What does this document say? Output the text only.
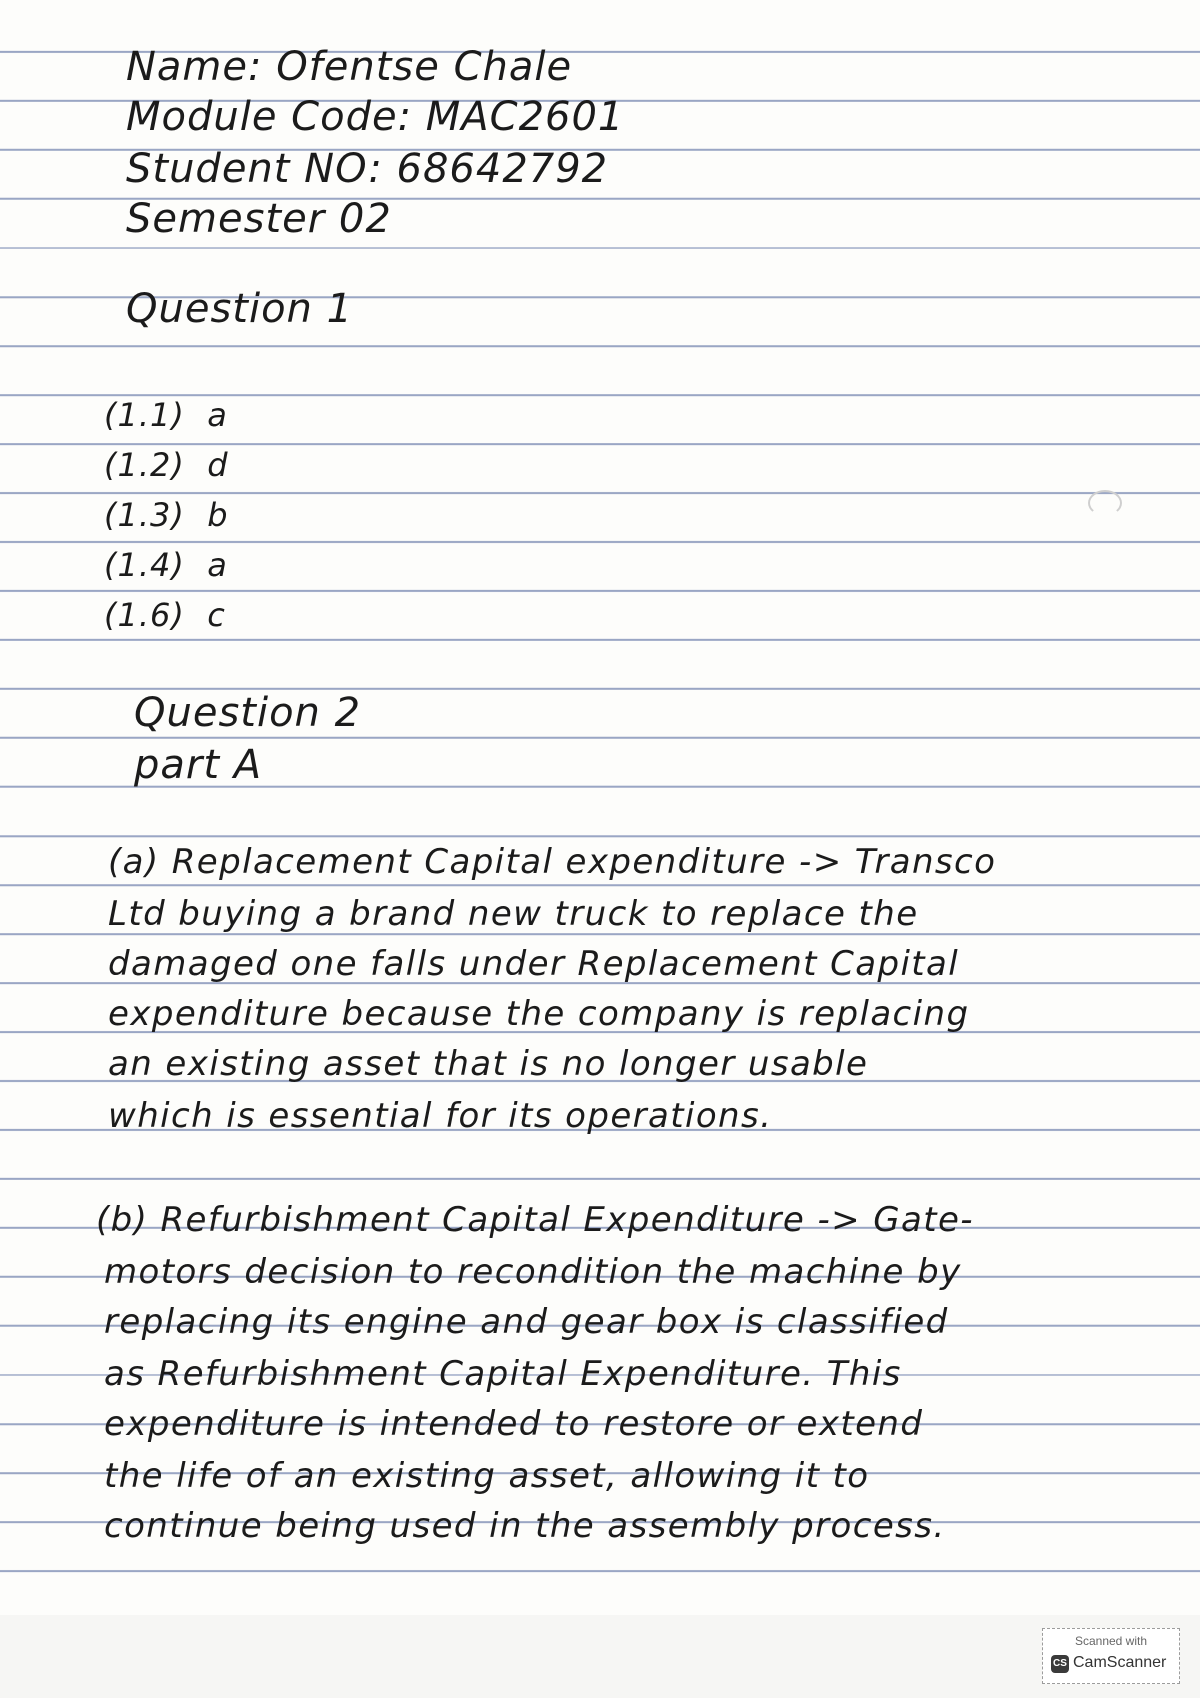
Name: Ofentse Chale
Module Code: MAC2601
Student NO: 68642792
Semester 02
Question 1
(1.1) a
(1.2) d
(1.3) b
(1.4) a
(1.6) c
Question 2
part A
(a) Replacement Capital expenditure -> Transco
Ltd buying a brand new truck to replace the
damaged one falls under Replacement Capital
expenditure because the company is replacing
an existing asset that is no longer usable
which is essential for its operations.
(b) Refurbishment Capital Expenditure -> Gate-
motors decision to recondition the machine by
replacing its engine and gear box is classified
as Refurbishment Capital Expenditure. This
expenditure is intended to restore or extend
the life of an existing asset, allowing it to
continue being used in the assembly process.
Scanned with
CS CamScanner
